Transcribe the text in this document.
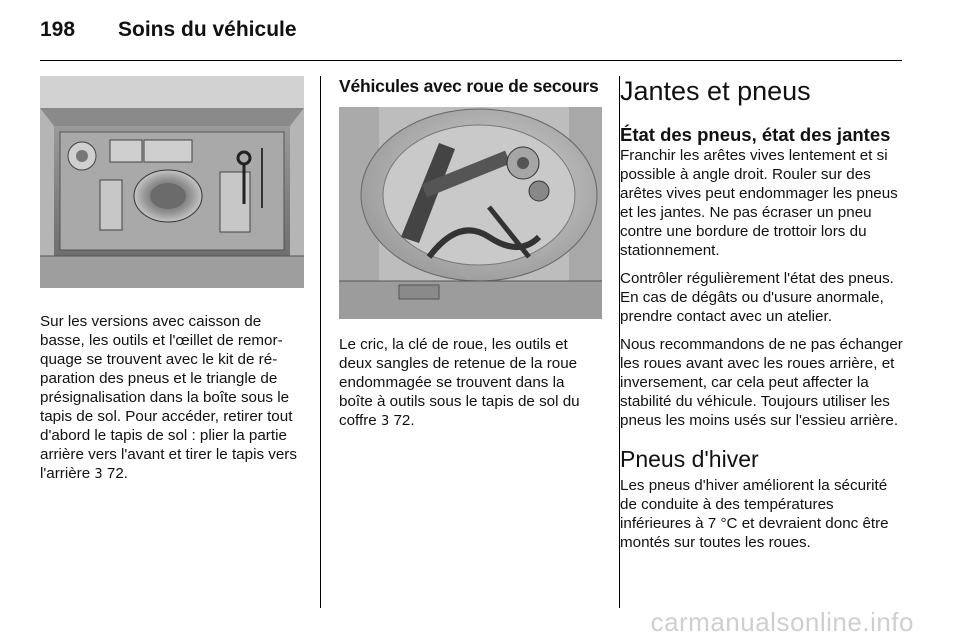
198 Soins du véhicule

Sur les versions avec caisson de basse, les outils et l'œillet de remorquage se trouvent avec le kit de réparation des pneus et le triangle de présignalisation dans la boîte sous le tapis de sol. Pour accéder, retirer tout d'abord le tapis de sol : plier la partie arrière vers l'avant et tirer le tapis vers l'arrière 3 72.

Véhicules avec roue de secours

Le cric, la clé de roue, les outils et deux sangles de retenue de la roue endommagée se trouvent dans la boîte à outils sous le tapis de sol du coffre 3 72.

Jantes et pneus
État des pneus, état des jantes

Franchir les arêtes vives lentement et si possible à angle droit. Rouler sur des arêtes vives peut endommager les pneus et les jantes. Ne pas écraser un pneu contre une bordure de trottoir lors du stationnement.

Contrôler régulièrement l'état des pneus. En cas de dégâts ou d'usure anormale, prendre contact avec un atelier.

Nous recommandons de ne pas échanger les roues avant avec les roues arrière, et inversement, car cela peut affecter la stabilité du véhicule. Toujours utiliser les pneus les moins usés sur l'essieu arrière.

Pneus d'hiver

Les pneus d'hiver améliorent la sécurité de conduite à des températures inférieures à 7 °C et devraient donc être montés sur toutes les roues.

carmanualsonline.info
